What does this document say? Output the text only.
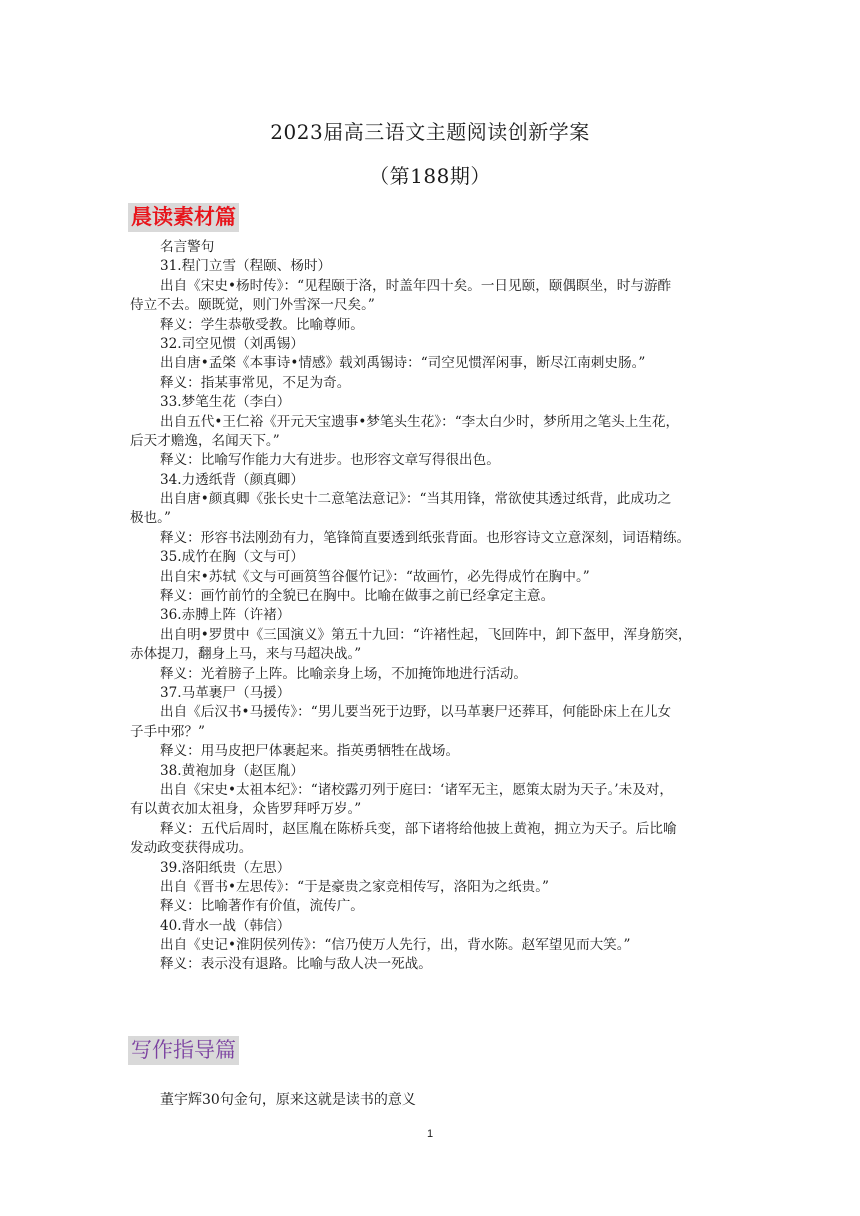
2023届高三语文主题阅读创新学案
（第188期）
晨读素材篇
名言警句
31.程门立雪（程颐、杨时）
出自《宋史•杨时传》：“见程颐于洛，时盖年四十矣。一日见颐，颐偶瞑坐，时与游酢
侍立不去。颐既觉，则门外雪深一尺矣。”
释义：学生恭敬受教。比喻尊师。
32.司空见惯（刘禹锡）
出自唐•孟棨《本事诗•情感》载刘禹锡诗：“司空见惯浑闲事，断尽江南刺史肠。”
释义：指某事常见，不足为奇。
33.梦笔生花（李白）
出自五代•王仁裕《开元天宝遗事•梦笔头生花》：“李太白少时，梦所用之笔头上生花，
后天才赡逸，名闻天下。”
释义：比喻写作能力大有进步。也形容文章写得很出色。
34.力透纸背（颜真卿）
出自唐•颜真卿《张长史十二意笔法意记》：“当其用锋，常欲使其透过纸背，此成功之
极也。”
释义：形容书法刚劲有力，笔锋简直要透到纸张背面。也形容诗文立意深刻，词语精练。
35.成竹在胸（文与可）
出自宋•苏轼《文与可画筼筜谷偃竹记》：“故画竹，必先得成竹在胸中。”
释义：画竹前竹的全貌已在胸中。比喻在做事之前已经拿定主意。
36.赤膊上阵（许褚）
出自明•罗贯中《三国演义》第五十九回：“许褚性起，飞回阵中，卸下盔甲，浑身筋突，
赤体提刀，翻身上马，来与马超决战。”
释义：光着膀子上阵。比喻亲身上场，不加掩饰地进行活动。
37.马革裹尸（马援）
出自《后汉书•马援传》：“男儿要当死于边野，以马革裹尸还葬耳，何能卧床上在儿女
子手中邪？”
释义：用马皮把尸体裹起来。指英勇牺牲在战场。
38.黄袍加身（赵匡胤）
出自《宋史•太祖本纪》：“诸校露刃列于庭曰：‘诸军无主，愿策太尉为天子。’未及对，
有以黄衣加太祖身，众皆罗拜呼万岁。”
释义：五代后周时，赵匡胤在陈桥兵变，部下诸将给他披上黄袍，拥立为天子。后比喻
发动政变获得成功。
39.洛阳纸贵（左思）
出自《晋书•左思传》：“于是豪贵之家竞相传写，洛阳为之纸贵。”
释义：比喻著作有价值，流传广。
40.背水一战（韩信）
出自《史记•淮阴侯列传》：“信乃使万人先行，出，背水陈。赵军望见而大笑。”
释义：表示没有退路。比喻与敌人决一死战。
写作指导篇
董宇辉30句金句，原来这就是读书的意义
1
